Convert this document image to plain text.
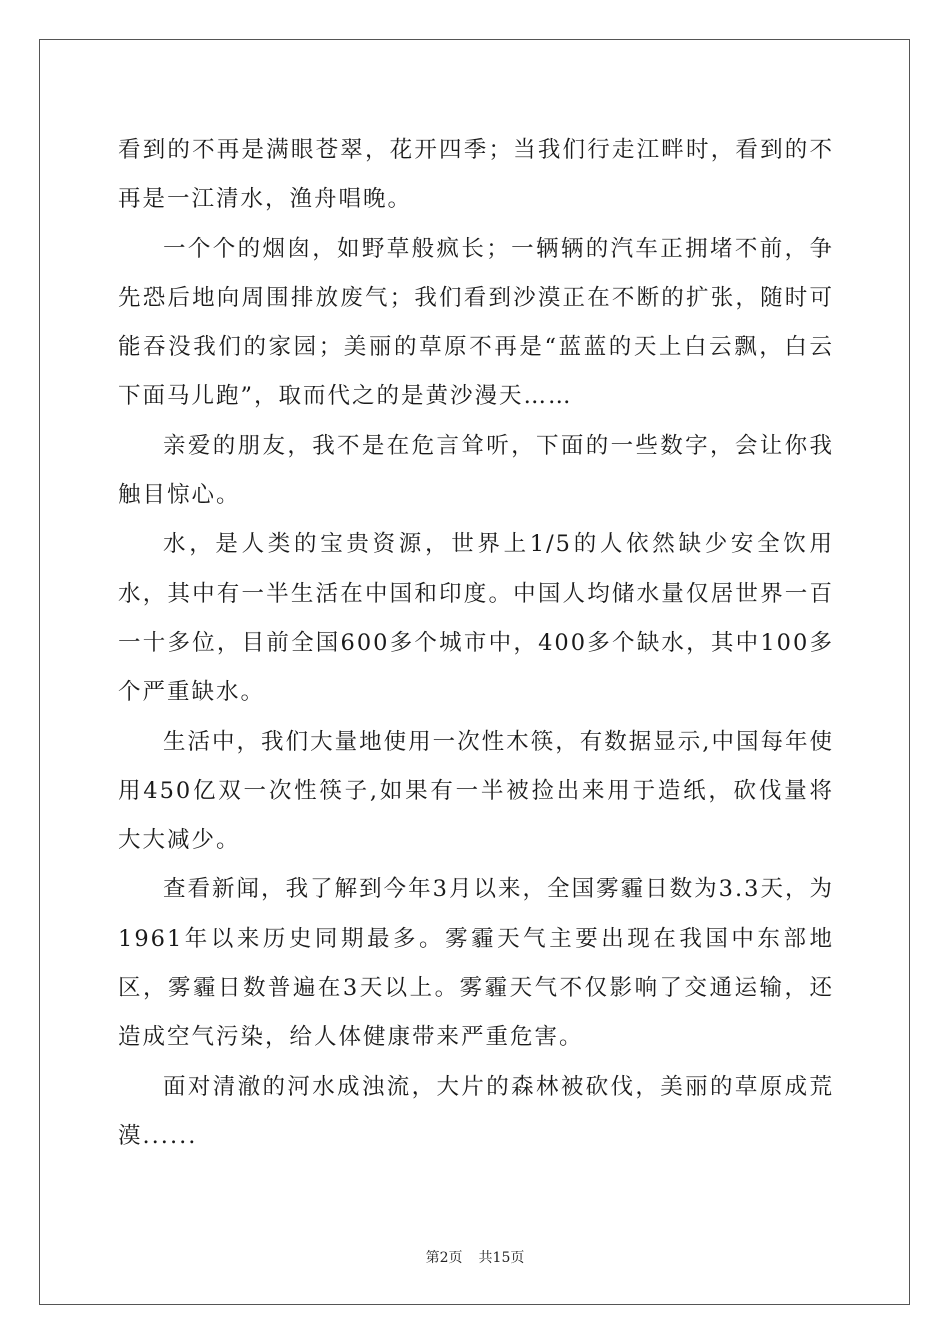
看到的不再是满眼苍翠，花开四季；当我们行走江畔时，看到的不再是一江清水，渔舟唱晚。

一个个的烟囱，如野草般疯长；一辆辆的汽车正拥堵不前，争先恐后地向周围排放废气；我们看到沙漠正在不断的扩张，随时可能吞没我们的家园；美丽的草原不再是“蓝蓝的天上白云飘，白云下面马儿跑”，取而代之的是黄沙漫天……

亲爱的朋友，我不是在危言耸听，下面的一些数字，会让你我触目惊心。

水，是人类的宝贵资源，世界上1/5的人依然缺少安全饮用水，其中有一半生活在中国和印度。中国人均储水量仅居世界一百一十多位，目前全国600多个城市中，400多个缺水，其中100多个严重缺水。

生活中，我们大量地使用一次性木筷，有数据显示,中国每年使用450亿双一次性筷子,如果有一半被捡出来用于造纸，砍伐量将大大减少。

查看新闻，我了解到今年3月以来，全国雾霾日数为3.3天，为1961年以来历史同期最多。雾霾天气主要出现在我国中东部地区，雾霾日数普遍在3天以上。雾霾天气不仅影响了交通运输，还造成空气污染，给人体健康带来严重危害。

面对清澈的河水成浊流，大片的森林被砍伐，美丽的草原成荒漠......

第2页 共15页
